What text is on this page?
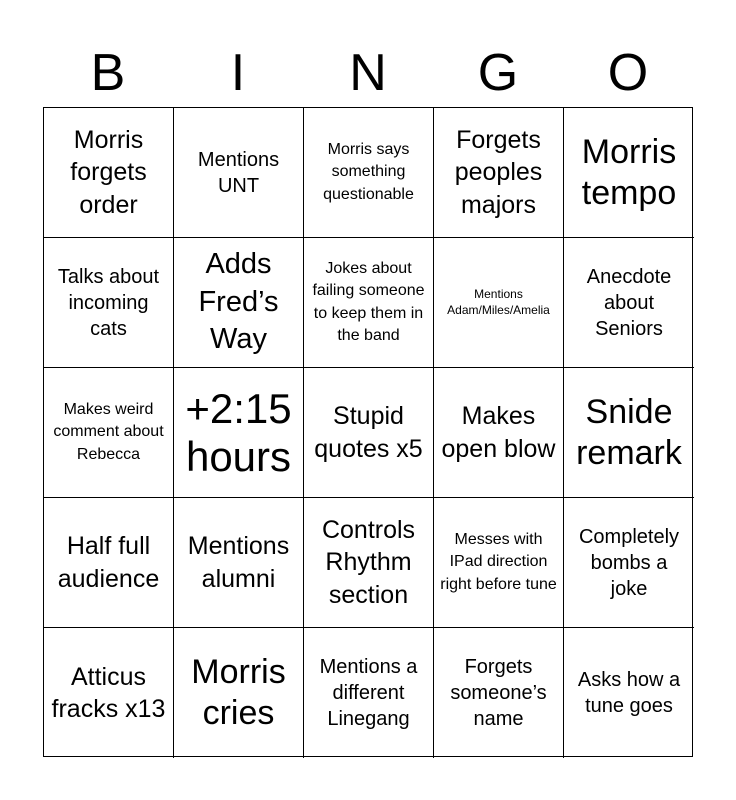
B	I	N	G	O
Morris forgets order
Mentions UNT
Morris says something questionable
Forgets peoples majors
Morris tempo
Talks about incoming cats
Adds Fred’s Way
Jokes about failing someone to keep them in the band
Mentions Adam/Miles/Amelia
Anecdote about Seniors
Makes weird comment about Rebecca
+2:15 hours
Stupid quotes x5
Makes open blow
Snide remark
Half full audience
Mentions alumni
Controls Rhythm section
Messes with IPad direction right before tune
Completely bombs a joke
Atticus fracks x13
Morris cries
Mentions a different Linegang
Forgets someone’s name
Asks how a tune goes
